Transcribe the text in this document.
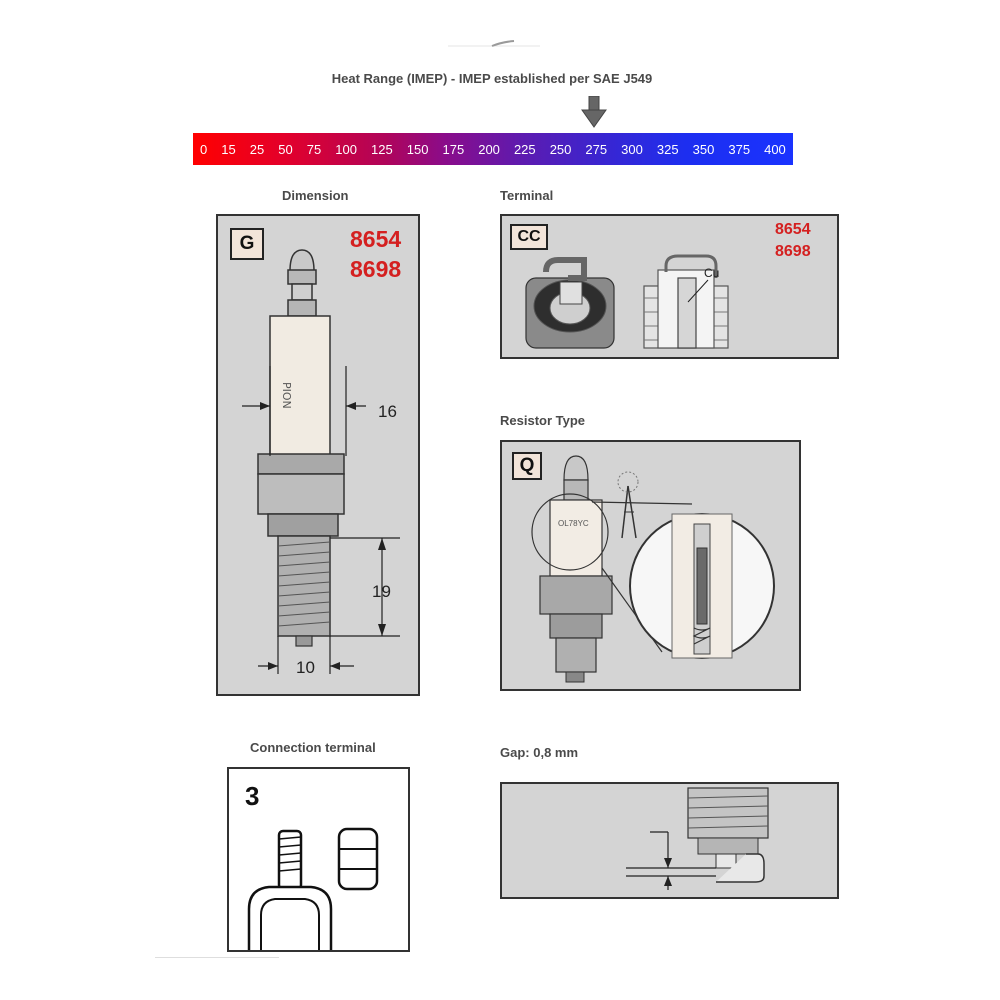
Heat Range (IMEP) - IMEP established per SAE J549
0 15 25 50 75 100 125 150 175 200 225 250 275 300 325 350 375 400
Dimension
G	8654
8698
PION
16
19
10
Terminal
CC	8654
8698
Cu
Resistor Type
Q
OL78YC
Connection terminal
3
Gap: 0,8 mm
